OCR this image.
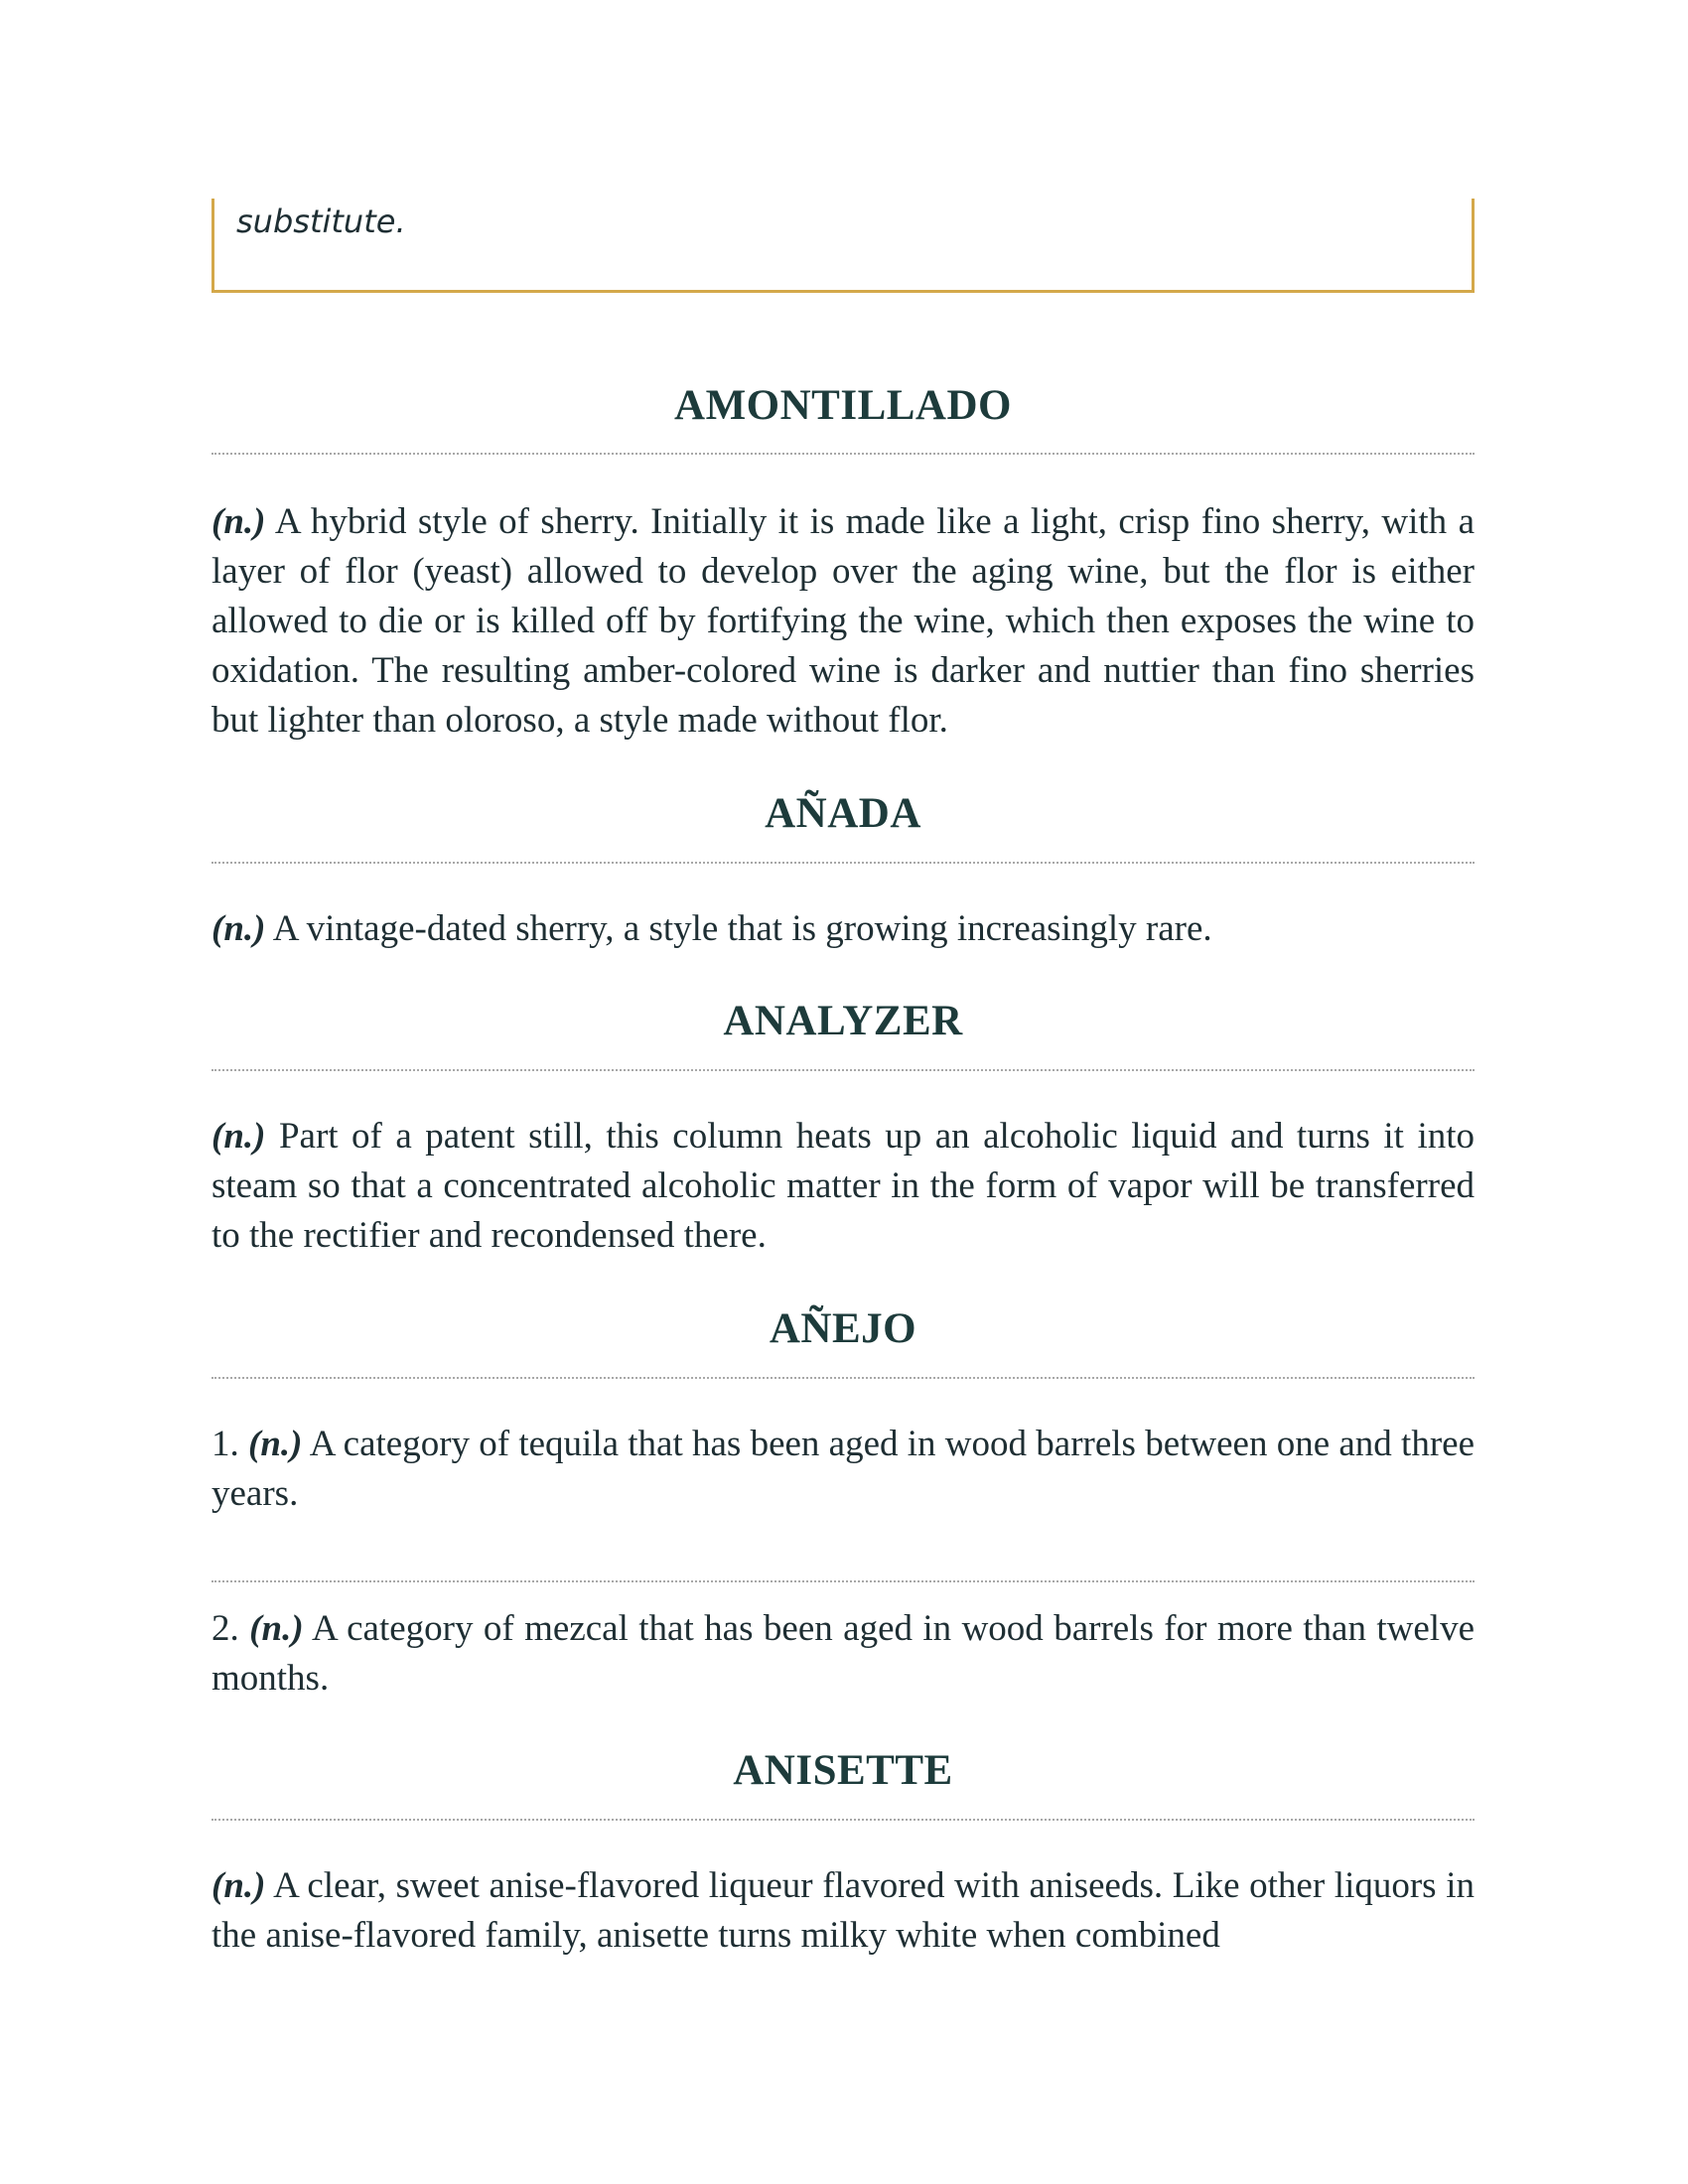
substitute.

AMONTILLADO

(n.) A hybrid style of sherry. Initially it is made like a light, crisp fino sherry, with a layer of flor (yeast) allowed to develop over the aging wine, but the flor is either allowed to die or is killed off by fortifying the wine, which then exposes the wine to oxidation. The resulting amber-colored wine is darker and nuttier than fino sherries but lighter than oloroso, a style made without flor.

AÑADA

(n.) A vintage-dated sherry, a style that is growing increasingly rare.

ANALYZER

(n.) Part of a patent still, this column heats up an alcoholic liquid and turns it into steam so that a concentrated alcoholic matter in the form of vapor will be transferred to the rectifier and recondensed there.

AÑEJO

1. (n.) A category of tequila that has been aged in wood barrels between one and three years.

2. (n.) A category of mezcal that has been aged in wood barrels for more than twelve months.

ANISETTE

(n.) A clear, sweet anise-flavored liqueur flavored with aniseeds. Like other liquors in the anise-flavored family, anisette turns milky white when combined
